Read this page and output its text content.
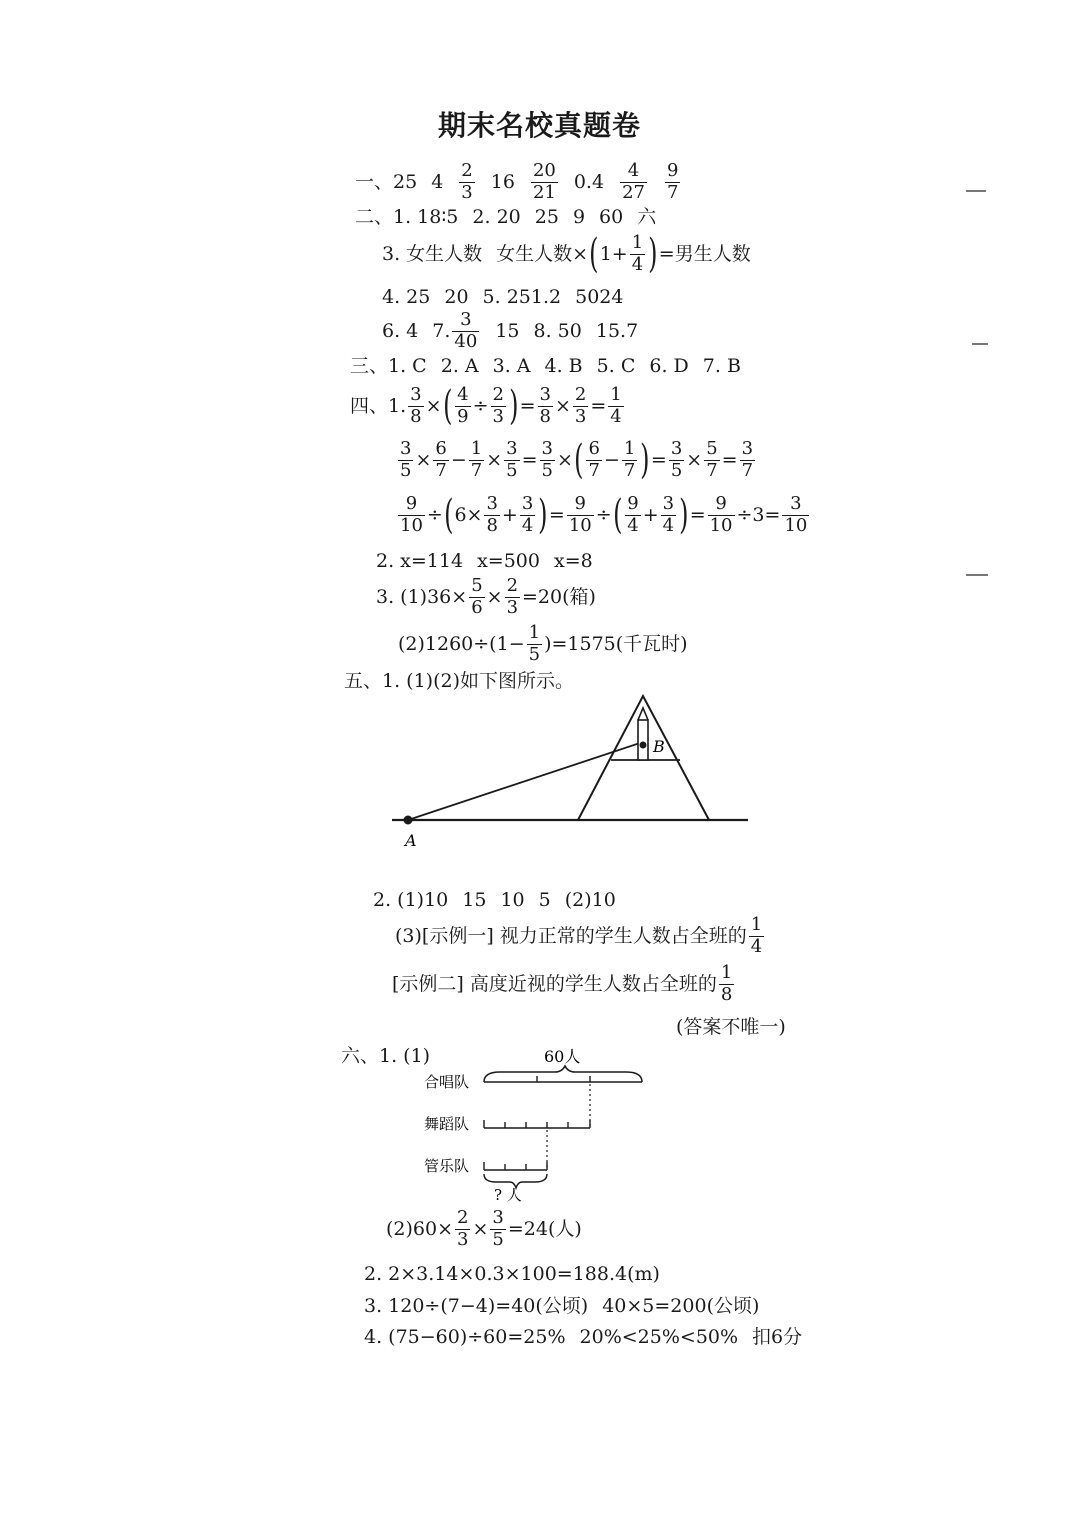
期末名校真题卷
一、 25 $4 \frac{2}{3} 16 \frac{20}{21} 0.4 \frac{4}{27} \frac{9}{7}$
二、 1. 18∶5 2. 20 25 9 60 六
3. 女生人数 女生人数× ( $1+ \frac{1}{4}$ ) =男生人数
4. 25 20 5. 251.2 5024
6. 4 7. $\frac{3}{40} 15$ 8. 50 15.7
三、 1. C 2. A 3. A 4. B 5. C 6. D 7. B
四、 1. $\frac{3}{8}$ × ( $\frac{4}{9} \div \frac{2}{3}$ ) = $\frac{3}{8} \times \frac{2}{3} = \frac{1}{4}$
$\frac{3}{5} \times \frac{6}{7} - \frac{1}{7} \times \frac{3}{5} = \frac{3}{5}$ × ( $\frac{6}{7} - \frac{1}{7}$ ) = $\frac{3}{5} \times \frac{5}{7} = \frac{3}{7}$
$\frac{9}{10}$ ÷ ( $6\times \frac{3}{8} + \frac{3}{4}$ ) = $\frac{9}{10}$ ÷ ( $\frac{9}{4} + \frac{3}{4}$ ) = $\frac{9}{10} \div 3= \frac{3}{10}$
2. x=114 x=500 x=8
3. $(1)36\times \frac{5}{6} \times \frac{2}{3} =20$(箱)
$(2)1260\div(1- \frac{1}{5} )=1575$(千瓦时)
五、 1. (1)(2)如下图所示。
B
A
2. (1)10 15 10 5 (2)10
(3)[示例一] 视力正常的学生人数占全班的 $\frac{1}{4}$
[示例二] 高度近视的学生人数占全班的 $\frac{1}{8}$
(答案不唯一)
六、 1. (1)	60人
合唱队
舞蹈队
管乐队
? 人
$(2)60\times \frac{2}{3} \times \frac{3}{5} =24$(人)
2. 2×3.14×0.3×100=188.4(m)
3. 120÷(7−4)=40(公顷) 40×5=200(公顷)
4. (75−60)÷60=25% 20%<25%<50% 扣6分
